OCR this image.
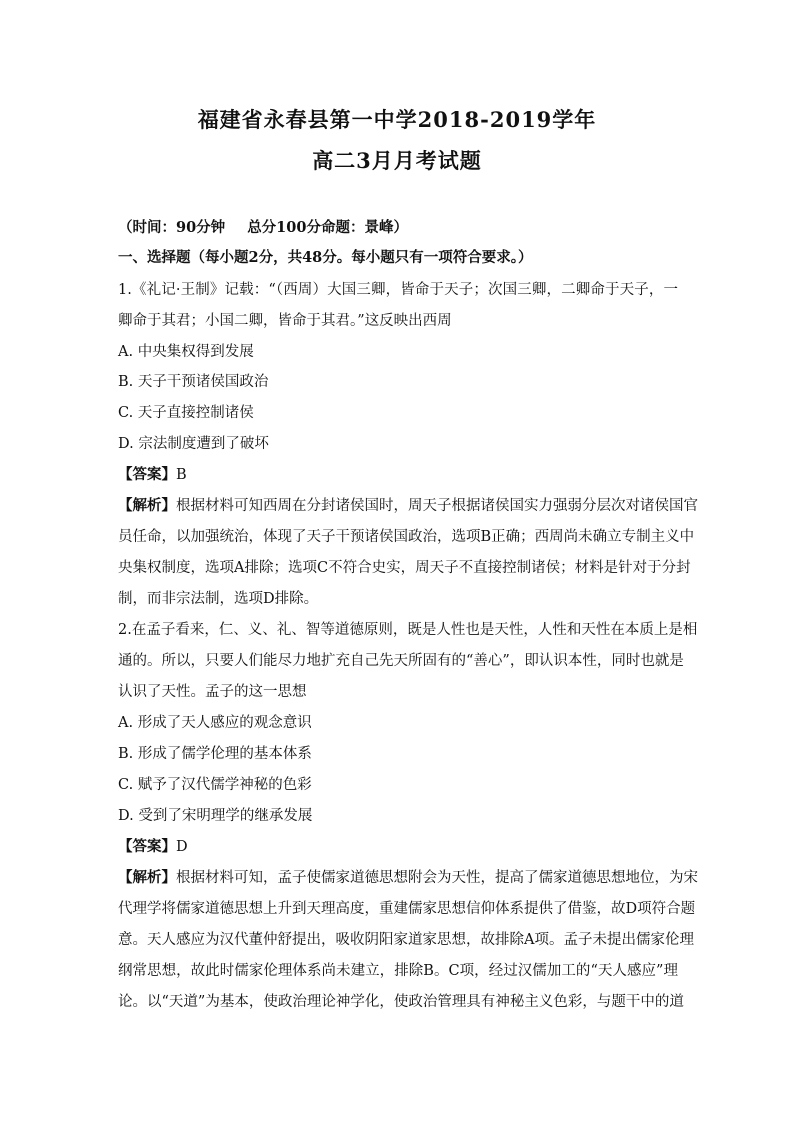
福建省永春县第一中学2018-2019学年
高二3月月考试题
（时间：90分钟 总分100分命题：景峰）
一、选择题（每小题2分，共48分。每小题只有一项符合要求。）
1.《礼记·王制》记载：“（西周）大国三卿，皆命于天子；次国三卿，二卿命于天子，一
卿命于其君；小国二卿，皆命于其君。”这反映出西周
A. 中央集权得到发展
B. 天子干预诸侯国政治
C. 天子直接控制诸侯
D. 宗法制度遭到了破坏
【答案】B
【解析】根据材料可知西周在分封诸侯国时，周天子根据诸侯国实力强弱分层次对诸侯国官
员任命，以加强统治，体现了天子干预诸侯国政治，选项B正确；西周尚未确立专制主义中
央集权制度，选项A排除；选项C不符合史实，周天子不直接控制诸侯；材料是针对于分封
制，而非宗法制，选项D排除。
2.在孟子看来，仁、义、礼、智等道德原则，既是人性也是天性，人性和天性在本质上是相
通的。所以，只要人们能尽力地扩充自己先天所固有的“善心”，即认识本性，同时也就是
认识了天性。孟子的这一思想
A. 形成了天人感应的观念意识
B. 形成了儒学伦理的基本体系
C. 赋予了汉代儒学神秘的色彩
D. 受到了宋明理学的继承发展
【答案】D
【解析】根据材料可知，孟子使儒家道德思想附会为天性，提高了儒家道德思想地位，为宋
代理学将儒家道德思想上升到天理高度，重建儒家思想信仰体系提供了借鉴，故D项符合题
意。天人感应为汉代董仲舒提出，吸收阴阳家道家思想，故排除A项。孟子未提出儒家伦理
纲常思想，故此时儒家伦理体系尚未建立，排除B。C项，经过汉儒加工的“天人感应”理
论。以“天道”为基本，使政治理论神学化，使政治管理具有神秘主义色彩，与题干中的道
